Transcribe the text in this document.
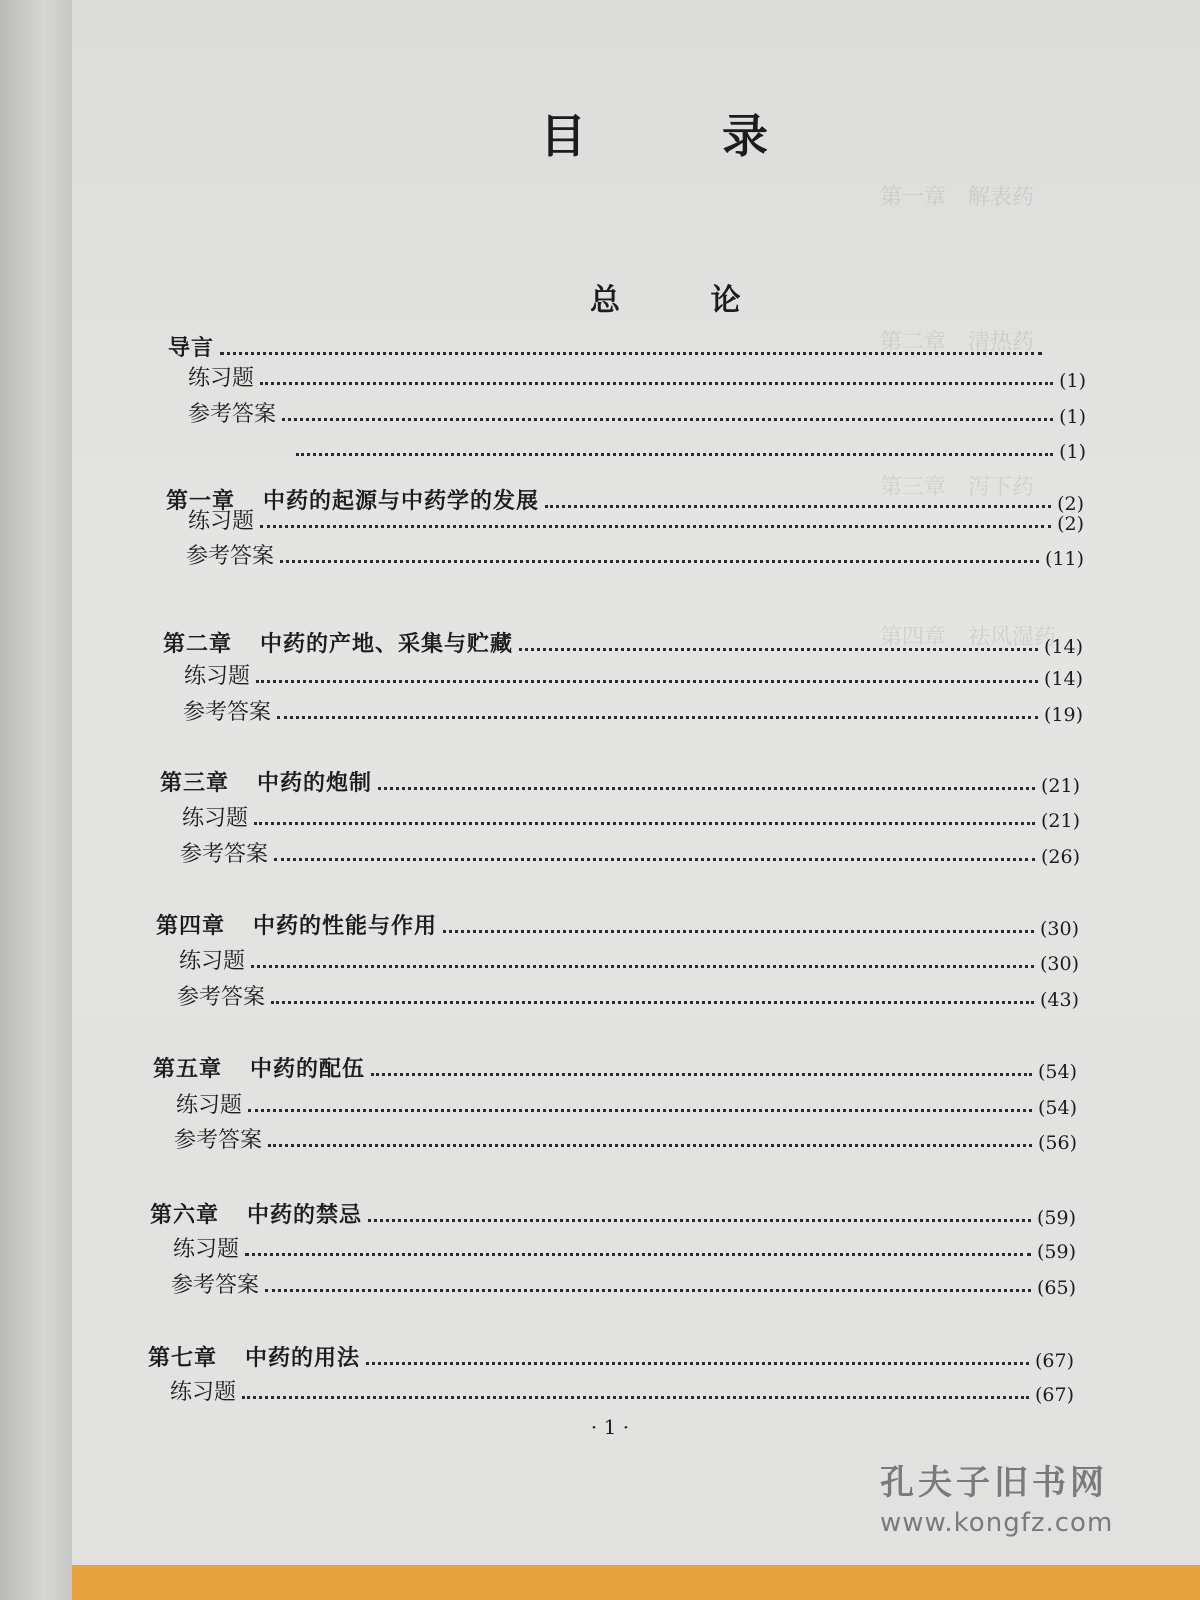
第一章　解表药
第二章　清热药
第三章　泻下药
第四章　祛风湿药
目 录
总 论
导言
练习题	(1)
参考答案	(1)
(1)
第一章 中药的起源与中药学的发展	(2)
练习题	(2)
参考答案	(11)
第二章 中药的产地、采集与贮藏	(14)
练习题	(14)
参考答案	(19)
第三章 中药的炮制	(21)
练习题	(21)
参考答案	(26)
第四章 中药的性能与作用	(30)
练习题	(30)
参考答案	(43)
第五章 中药的配伍	(54)
练习题	(54)
参考答案	(56)
第六章 中药的禁忌	(59)
练习题	(59)
参考答案	(65)
第七章 中药的用法	(67)
练习题	(67)
· 1 ·
孔夫子旧书网
www.kongfz.com
